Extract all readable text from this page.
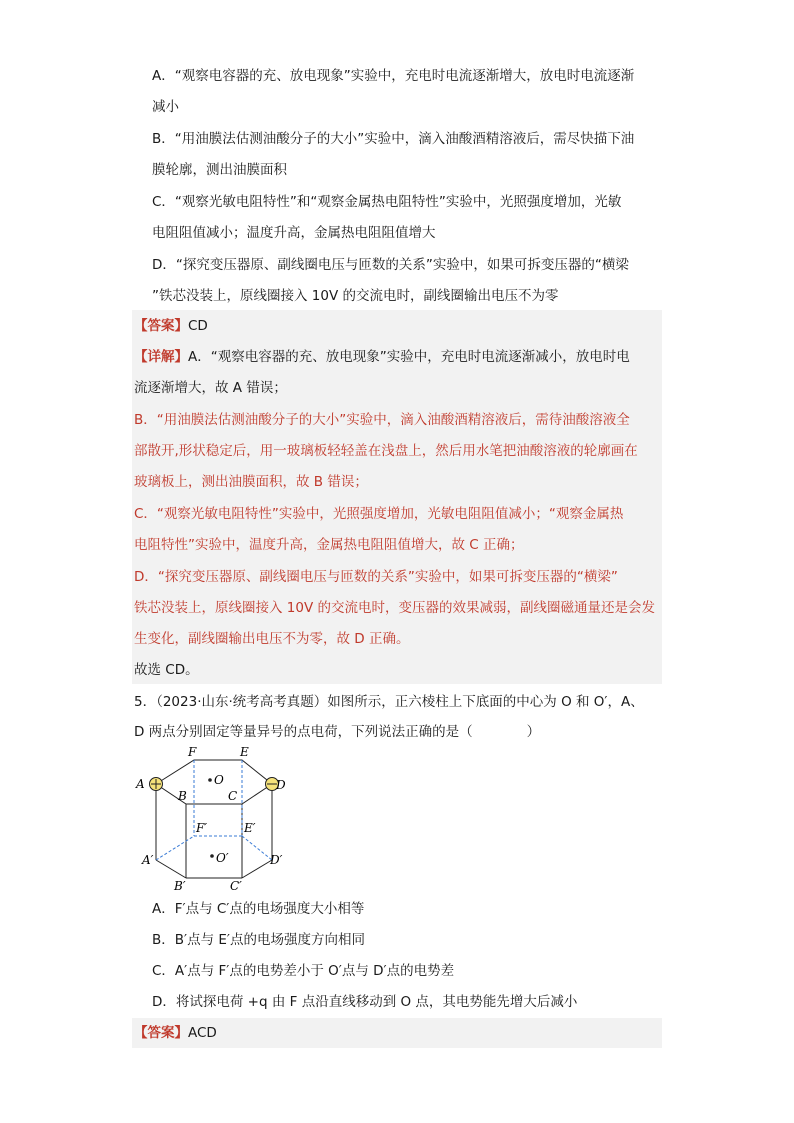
A．“观察电容器的充、放电现象”实验中，充电时电流逐渐增大，放电时电流逐渐
减小
B．“用油膜法估测油酸分子的大小”实验中，滴入油酸酒精溶液后，需尽快描下油
膜轮廓，测出油膜面积
C．“观察光敏电阻特性”和“观察金属热电阻特性”实验中，光照强度增加，光敏
电阻阻值减小；温度升高，金属热电阻阻值增大
D．“探究变压器原、副线圈电压与匝数的关系”实验中，如果可拆变压器的“横梁
”铁芯没装上，原线圈接入 10V 的交流电时，副线圈输出电压不为零
【答案】CD
【详解】A．“观察电容器的充、放电现象”实验中，充电时电流逐渐减小，放电时电
流逐渐增大，故 A 错误；
B．“用油膜法估测油酸分子的大小”实验中，滴入油酸酒精溶液后，需待油酸溶液全
部散开,形状稳定后，用一玻璃板轻轻盖在浅盘上，然后用水笔把油酸溶液的轮廓画在
玻璃板上，测出油膜面积，故 B 错误；
C．“观察光敏电阻特性”实验中，光照强度增加，光敏电阻阻值减小；“观察金属热
电阻特性”实验中，温度升高，金属热电阻阻值增大，故 C 正确；
D．“探究变压器原、副线圈电压与匝数的关系”实验中，如果可拆变压器的“横梁”
铁芯没装上，原线圈接入 10V 的交流电时，变压器的效果减弱，副线圈磁通量还是会发
生变化，副线圈输出电压不为零，故 D 正确。
故选 CD。
5．（2023·山东·统考高考真题）如图所示，正六棱柱上下底面的中心为 O 和 O′，A、
D 两点分别固定等量异号的点电荷，下列说法正确的是（　　　　）
A
B	C
D
E
F
O
A′
B′	C′
D′
E′
F′
O′
A．F′点与 C′点的电场强度大小相等
B．B′点与 E′点的电场强度方向相同
C．A′点与 F′点的电势差小于 O′点与 D′点的电势差
D．将试探电荷 +q 由 F 点沿直线移动到 O 点，其电势能先增大后减小
【答案】ACD
